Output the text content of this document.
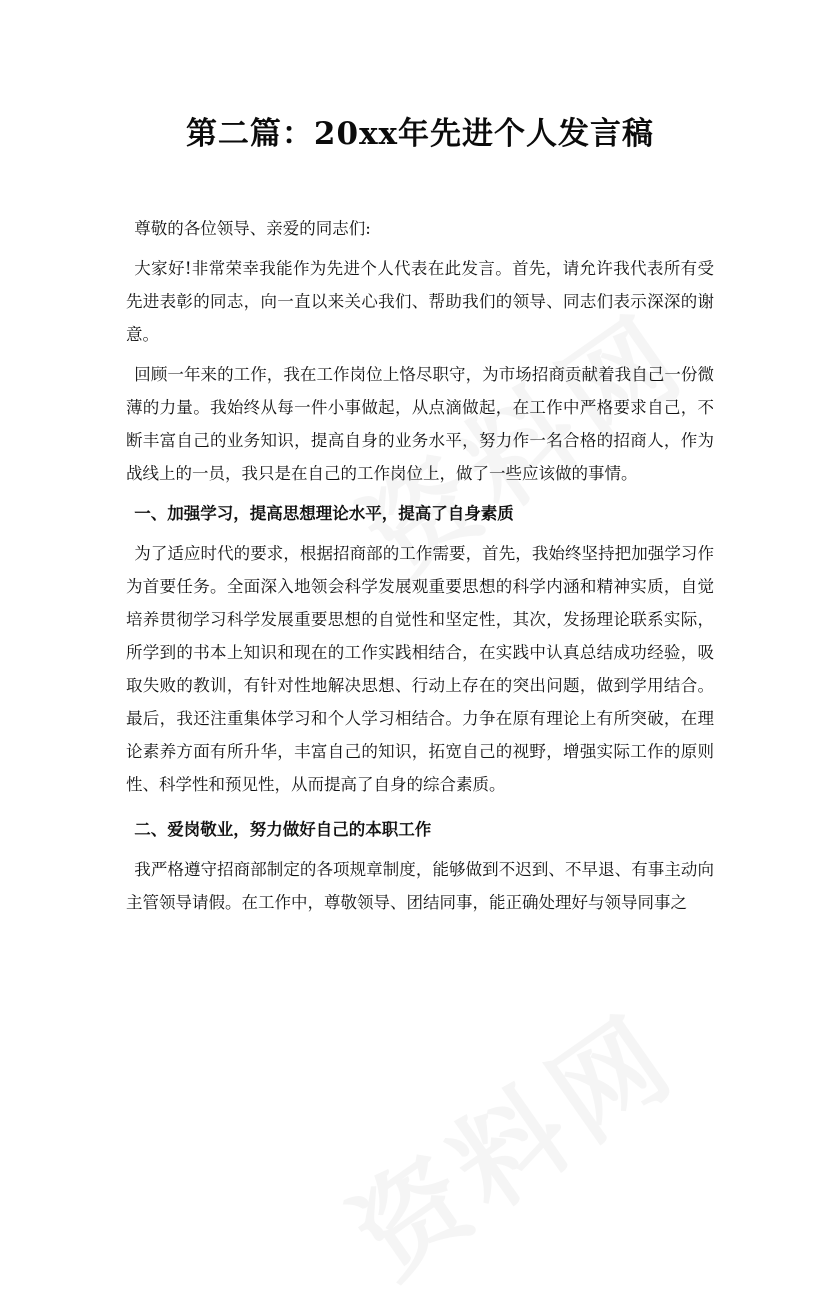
第二篇：20xx年先进个人发言稿

尊敬的各位领导、亲爱的同志们:

大家好!非常荣幸我能作为先进个人代表在此发言。首先，请允许我代表所有受先进表彰的同志，向一直以来关心我们、帮助我们的领导、同志们表示深深的谢意。

回顾一年来的工作，我在工作岗位上恪尽职守，为市场招商贡献着我自己一份微薄的力量。我始终从每一件小事做起，从点滴做起，在工作中严格要求自己，不断丰富自己的业务知识，提高自身的业务水平，努力作一名合格的招商人，作为战线上的一员，我只是在自己的工作岗位上，做了一些应该做的事情。

一、加强学习，提高思想理论水平，提高了自身素质

为了适应时代的要求，根据招商部的工作需要，首先，我始终坚持把加强学习作为首要任务。全面深入地领会科学发展观重要思想的科学内涵和精神实质，自觉培养贯彻学习科学发展重要思想的自觉性和坚定性，其次，发扬理论联系实际，所学到的书本上知识和现在的工作实践相结合，在实践中认真总结成功经验，吸取失败的教训，有针对性地解决思想、行动上存在的突出问题，做到学用结合。最后，我还注重集体学习和个人学习相结合。力争在原有理论上有所突破，在理论素养方面有所升华，丰富自己的知识，拓宽自己的视野，增强实际工作的原则性、科学性和预见性，从而提高了自身的综合素质。

二、爱岗敬业，努力做好自己的本职工作

我严格遵守招商部制定的各项规章制度，能够做到不迟到、不早退、有事主动向主管领导请假。在工作中，尊敬领导、团结同事，能正确处理好与领导同事之
